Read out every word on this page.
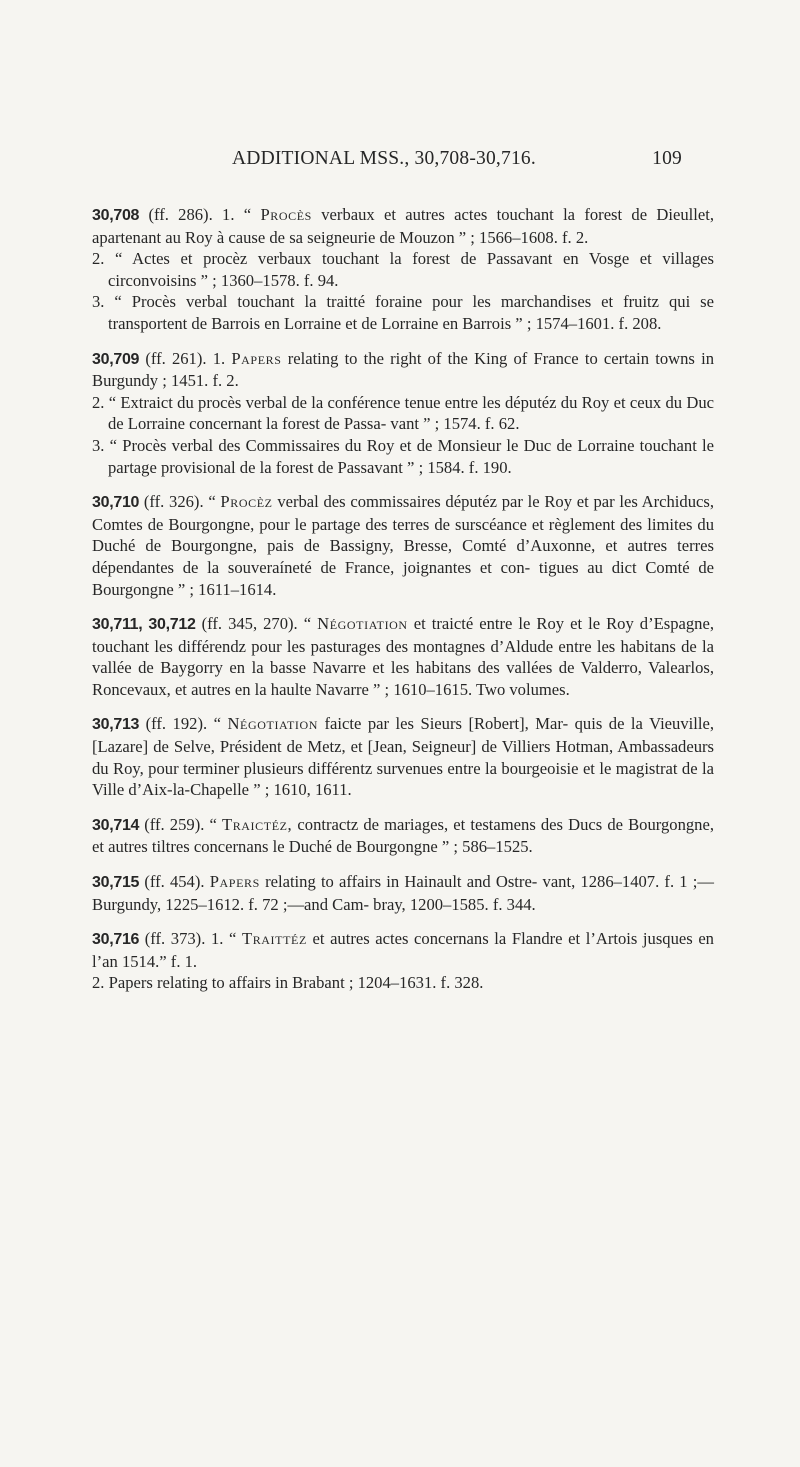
ADDITIONAL MSS., 30,708-30,716.	109

30,708 (ff. 286). 1. “ Procès verbaux et autres actes touchant la forest de Dieullet, apartenant au Roy à cause de sa seigneurie de Mouzon ” ; 1566–1608. f. 2.

2. “ Actes et procèz verbaux touchant la forest de Passavant en Vosge et villages circonvoisins ” ; 1360–1578. f. 94.

3. “ Procès verbal touchant la traitté foraine pour les marchandises et fruitz qui se transportent de Barrois en Lorraine et de Lorraine en Barrois ” ; 1574–1601. f. 208.

30,709 (ff. 261). 1. Papers relating to the right of the King of France to certain towns in Burgundy ; 1451. f. 2.

2. “ Extraict du procès verbal de la conférence tenue entre les députéz du Roy et ceux du Duc de Lorraine concernant la forest de Passa- vant ” ; 1574. f. 62.

3. “ Procès verbal des Commissaires du Roy et de Monsieur le Duc de Lorraine touchant le partage provisional de la forest de Passavant ” ; 1584. f. 190.

30,710 (ff. 326). “ Procèz verbal des commissaires députéz par le Roy et par les Archiducs, Comtes de Bourgongne, pour le partage des terres de surscéance et règlement des limites du Duché de Bourgongne, pais de Bassigny, Bresse, Comté d’Auxonne, et autres terres dépendantes de la souveraíneté de France, joignantes et con- tigues au dict Comté de Bourgongne ” ; 1611–1614.

30,711, 30,712 (ff. 345, 270). “ Négotiation et traicté entre le Roy et le Roy d’Espagne, touchant les différendz pour les pasturages des montagnes d’Aldude entre les habitans de la vallée de Baygorry en la basse Navarre et les habitans des vallées de Valderro, Valearlos, Roncevaux, et autres en la haulte Navarre ” ; 1610–1615. Two volumes.

30,713 (ff. 192). “ Négotiation faicte par les Sieurs [Robert], Mar- quis de la Vieuville, [Lazare] de Selve, Président de Metz, et [Jean, Seigneur] de Villiers Hotman, Ambassadeurs du Roy, pour terminer plusieurs différentz survenues entre la bourgeoisie et le magistrat de la Ville d’Aix-la-Chapelle ” ; 1610, 1611.

30,714 (ff. 259). “ Traictéz, contractz de mariages, et testamens des Ducs de Bourgongne, et autres tiltres concernans le Duché de Bourgongne ” ; 586–1525.

30,715 (ff. 454). Papers relating to affairs in Hainault and Ostre- vant, 1286–1407. f. 1 ;—Burgundy, 1225–1612. f. 72 ;—and Cam- bray, 1200–1585. f. 344.

30,716 (ff. 373). 1. “ Traittéz et autres actes concernans la Flandre et l’Artois jusques en l’an 1514.” f. 1.

2. Papers relating to affairs in Brabant ; 1204–1631. f. 328.
